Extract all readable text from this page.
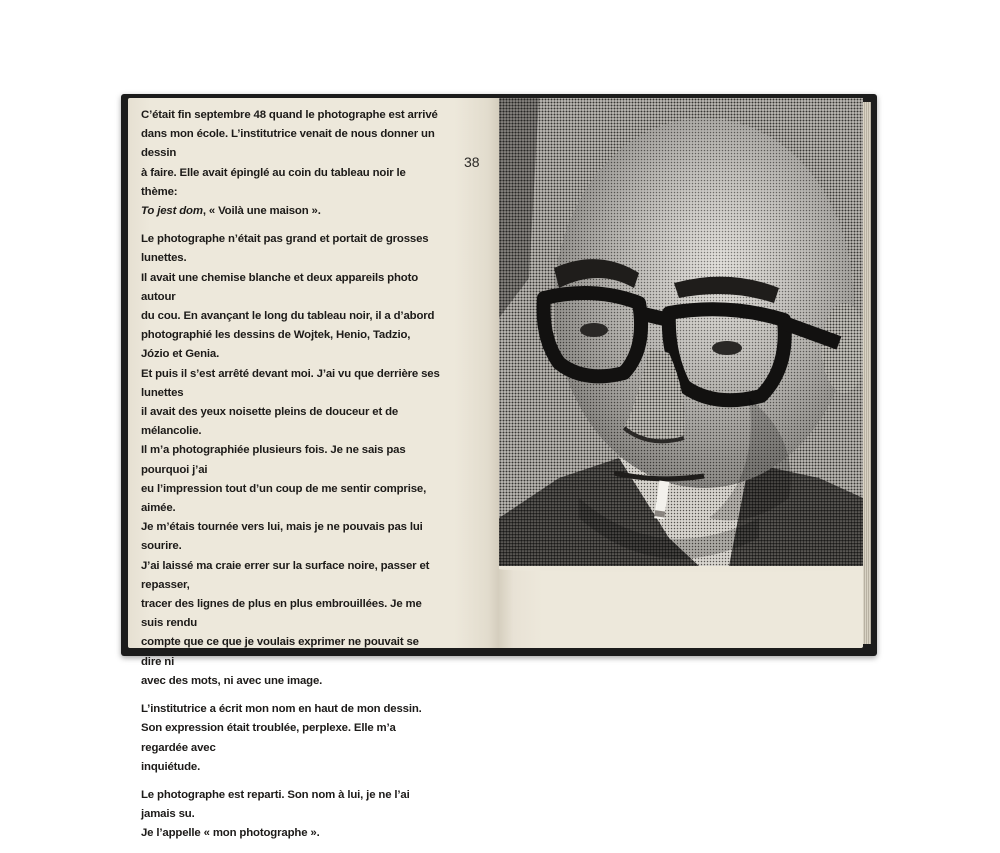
C’était fin septembre 48 quand le photographe est arrivé
dans mon école. L’institutrice venait de nous donner un dessin
à faire. Elle avait épinglé au coin du tableau noir le thème:
To jest dom, « Voilà une maison ».

Le photographe n’était pas grand et portait de grosses lunettes.
Il avait une chemise blanche et deux appareils photo autour
du cou. En avançant le long du tableau noir, il a d’abord
photographié les dessins de Wojtek, Henio, Tadzio, Józio et Genia.
Et puis il s’est arrêté devant moi. J’ai vu que derrière ses lunettes
il avait des yeux noisette pleins de douceur et de mélancolie.
Il m’a photographiée plusieurs fois. Je ne sais pas pourquoi j’ai
eu l’impression tout d’un coup de me sentir comprise, aimée.
Je m’étais tournée vers lui, mais je ne pouvais pas lui sourire.
J’ai laissé ma craie errer sur la surface noire, passer et repasser,
tracer des lignes de plus en plus embrouillées. Je me suis rendu
compte que ce que je voulais exprimer ne pouvait se dire ni
avec des mots, ni avec une image.

L’institutrice a écrit mon nom en haut de mon dessin.
Son expression était troublée, perplexe. Elle m’a regardée avec
inquiétude.

Le photographe est reparti. Son nom à lui, je ne l’ai jamais su.
Je l’appelle « mon photographe ».

38
